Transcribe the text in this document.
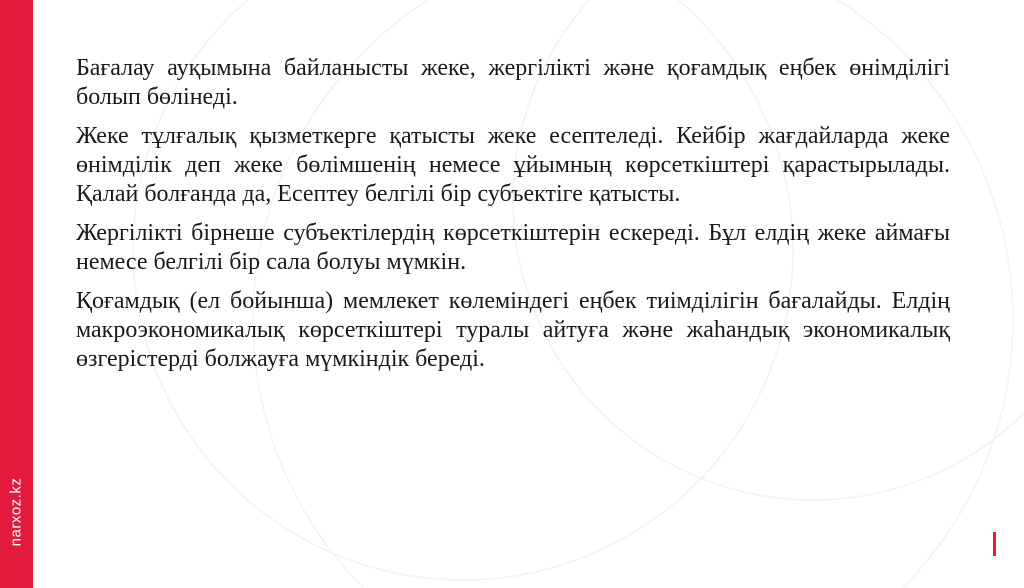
narxoz.kz

Бағалау ауқымына байланысты жеке, жергілікті және қоғамдық еңбек өнімділігі болып бөлінеді.

Жеке тұлғалық қызметкерге қатысты жеке есептеледі. Кейбір жағдайларда жеке өнімділік деп жеке бөлімшенің немесе ұйымның көрсеткіштері қарастырылады. Қалай болғанда да, Есептеу белгілі бір субъектіге қатысты.

Жергілікті бірнеше субъектілердің көрсеткіштерін ескереді. Бұл елдің жеке аймағы немесе белгілі бір сала болуы мүмкін.

Қоғамдық (ел бойынша) мемлекет көлеміндегі еңбек тиімділігін бағалайды. Елдің макроэкономикалық көрсеткіштері туралы айтуға және жаһандық экономикалық өзгерістерді болжауға мүмкіндік береді.
